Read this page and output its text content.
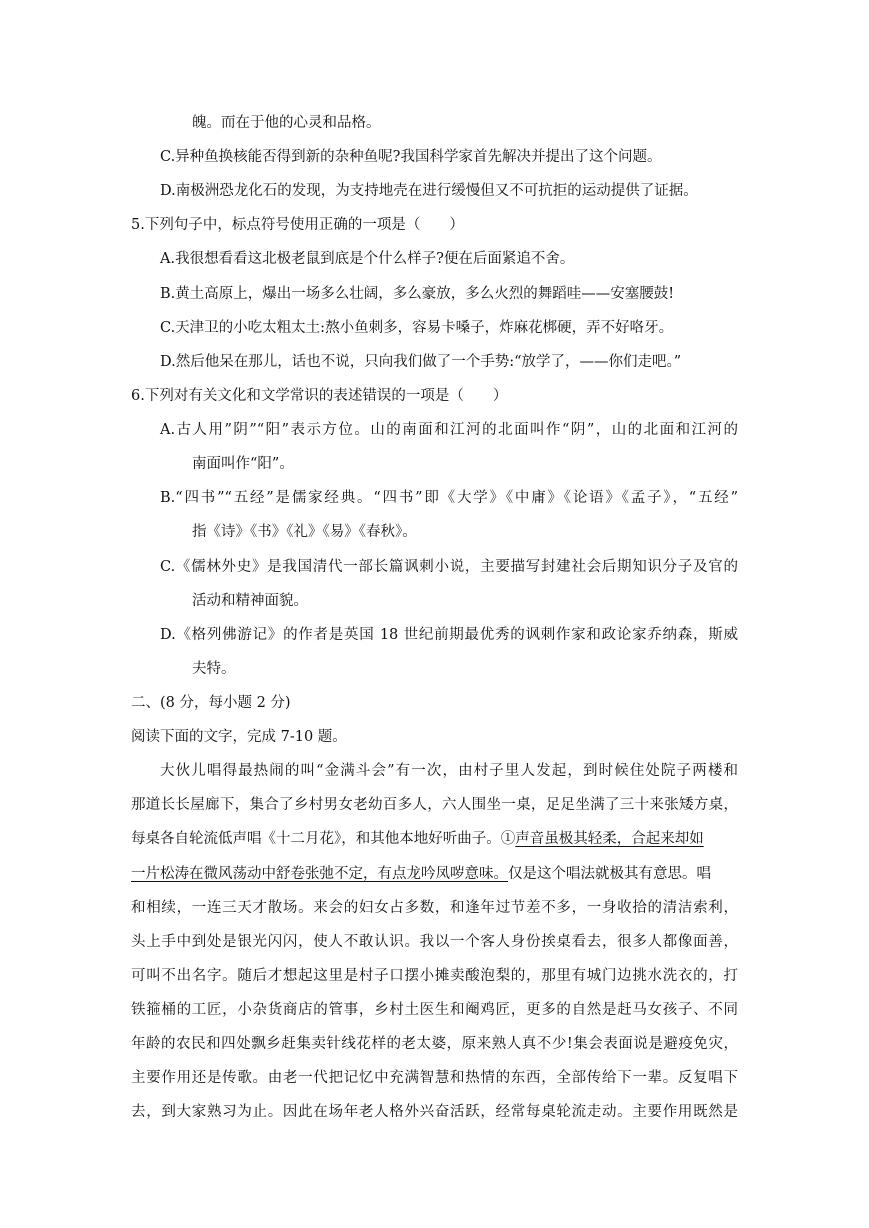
魄。而在于他的心灵和品格。
C.异种鱼换核能否得到新的杂种鱼呢?我国科学家首先解决并提出了这个问题。
D.南极洲恐龙化石的发现，为支持地壳在进行缓慢但又不可抗拒的运动提供了证据。
5.下列句子中，标点符号使用正确的一项是（　　）
A.我很想看看这北极老鼠到底是个什么样子?便在后面紧追不舍。
B.黄土高原上，爆出一场多么壮阔，多么豪放，多么火烈的舞蹈哇——安塞腰鼓!
C.天津卫的小吃太粗太土:熬小鱼刺多，容易卡嗓子，炸麻花梆硬，弄不好咯牙。
D.然后他呆在那儿，话也不说，只向我们做了一个手势:“放学了，——你们走吧。”
6.下列对有关文化和文学常识的表述错误的一项是（　　）
A.古人用”阴”“阳”表示方位。山的南面和江河的北面叫作“阴”，山的北面和江河的
南面叫作“阳”。
B.“四书”“五经”是儒家经典。“四书”即《大学》《中庸》《论语》《孟子》，“五经”
指《诗》《书》《礼》《易》《春秋》。
C.《儒林外史》是我国清代一部长篇讽刺小说，主要描写封建社会后期知识分子及官的
活动和精神面貌。
D.《格列佛游记》的作者是英国 18 世纪前期最优秀的讽刺作家和政论家乔纳森，斯威
夫特。
二、(8 分，每小题 2 分)
阅读下面的文字，完成 7-10 题。
大伙儿唱得最热闹的叫“金满斗会”有一次，由村子里人发起，到时候住处院子两楼和
那道长长屋廊下，集合了乡村男女老幼百多人，六人围坐一桌，足足坐满了三十来张矮方桌，
每桌各自轮流低声唱《十二月花》，和其他本地好听曲子。①声音虽极其轻柔，合起来却如
一片松涛在微风荡动中舒卷张弛不定，有点龙吟凤哕意味。仅是这个唱法就极其有意思。唱
和相续，一连三天才散场。来会的妇女占多数，和逢年过节差不多，一身收拾的清洁索利，
头上手中到处是银光闪闪，使人不敢认识。我以一个客人身份挨桌看去，很多人都像面善，
可叫不出名字。随后才想起这里是村子口摆小摊卖酸泡梨的，那里有城门边挑水洗衣的，打
铁箍桶的工匠，小杂货商店的管事，乡村土医生和阉鸡匠，更多的自然是赶马女孩子、不同
年龄的农民和四处飘乡赶集卖针线花样的老太婆，原来熟人真不少!集会表面说是避疫免灾，
主要作用还是传歌。由老一代把记忆中充满智慧和热情的东西，全部传给下一辈。反复唱下
去，到大家熟习为止。因此在场年老人格外兴奋活跃，经常每桌轮流走动。主要作用既然是
